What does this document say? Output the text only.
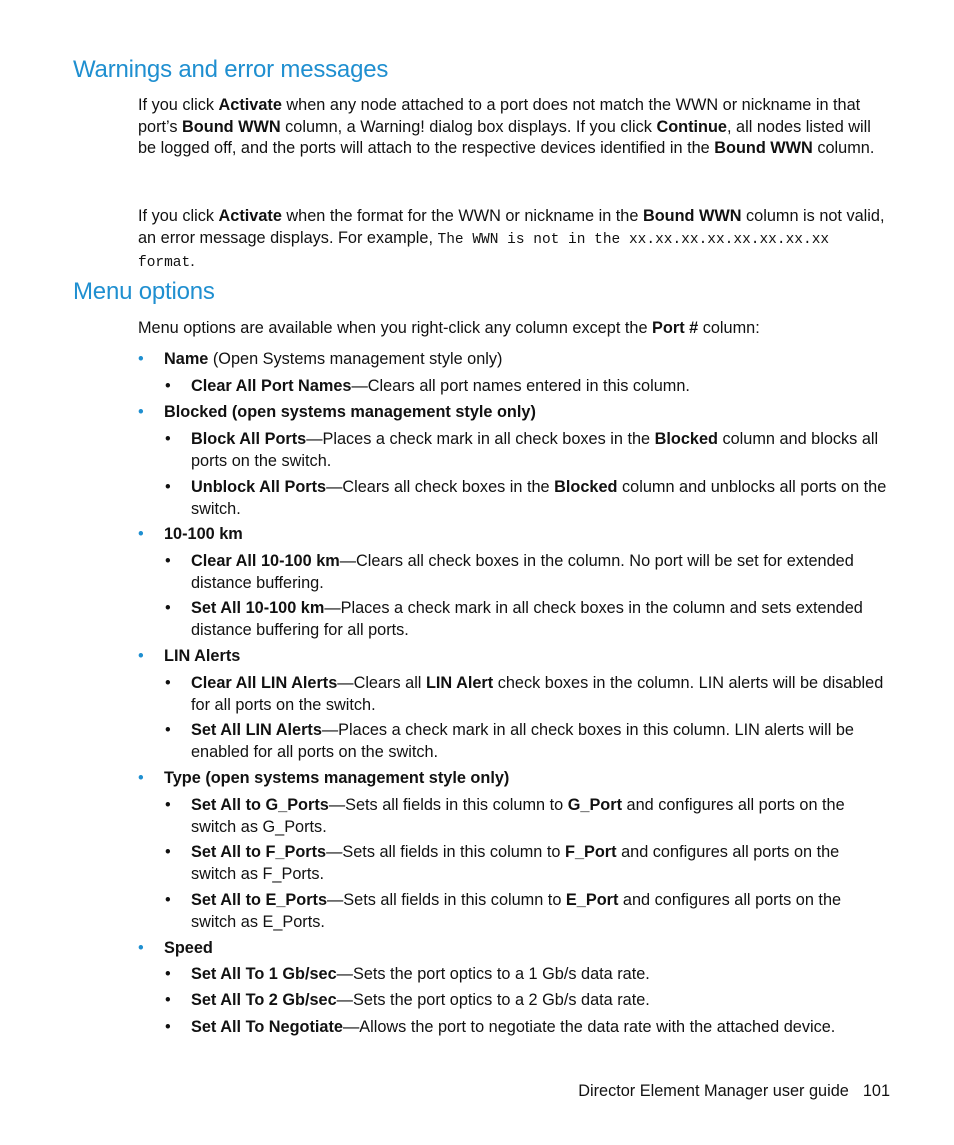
Warnings and error messages

If you click Activate when any node attached to a port does not match the WWN or nickname in that port’s Bound WWN column, a Warning! dialog box displays. If you click Continue, all nodes listed will be logged off, and the ports will attach to the respective devices identified in the Bound WWN column.

If you click Activate when the format for the WWN or nickname in the Bound WWN column is not valid, an error message displays. For example, The WWN is not in the xx.xx.xx.xx.xx.xx.xx.xx format.

Menu options

Menu options are available when you right-click any column except the Port # column:

• Name (Open Systems management style only)
• Clear All Port Names—Clears all port names entered in this column.
• Blocked (open systems management style only)
• Block All Ports—Places a check mark in all check boxes in the Blocked column and blocks all ports on the switch.
• Unblock All Ports—Clears all check boxes in the Blocked column and unblocks all ports on the switch.
• 10-100 km
• Clear All 10-100 km—Clears all check boxes in the column. No port will be set for extended distance buffering.
• Set All 10-100 km—Places a check mark in all check boxes in the column and sets extended distance buffering for all ports.
• LIN Alerts
• Clear All LIN Alerts—Clears all LIN Alert check boxes in the column. LIN alerts will be disabled for all ports on the switch.
• Set All LIN Alerts—Places a check mark in all check boxes in this column. LIN alerts will be enabled for all ports on the switch.
• Type (open systems management style only)
• Set All to G_Ports—Sets all fields in this column to G_Port and configures all ports on the switch as G_Ports.
• Set All to F_Ports—Sets all fields in this column to F_Port and configures all ports on the switch as F_Ports.
• Set All to E_Ports—Sets all fields in this column to E_Port and configures all ports on the switch as E_Ports.
• Speed
• Set All To 1 Gb/sec—Sets the port optics to a 1 Gb/s data rate.
• Set All To 2 Gb/sec—Sets the port optics to a 2 Gb/s data rate.
• Set All To Negotiate—Allows the port to negotiate the data rate with the attached device.

Director Element Manager user guide 101
